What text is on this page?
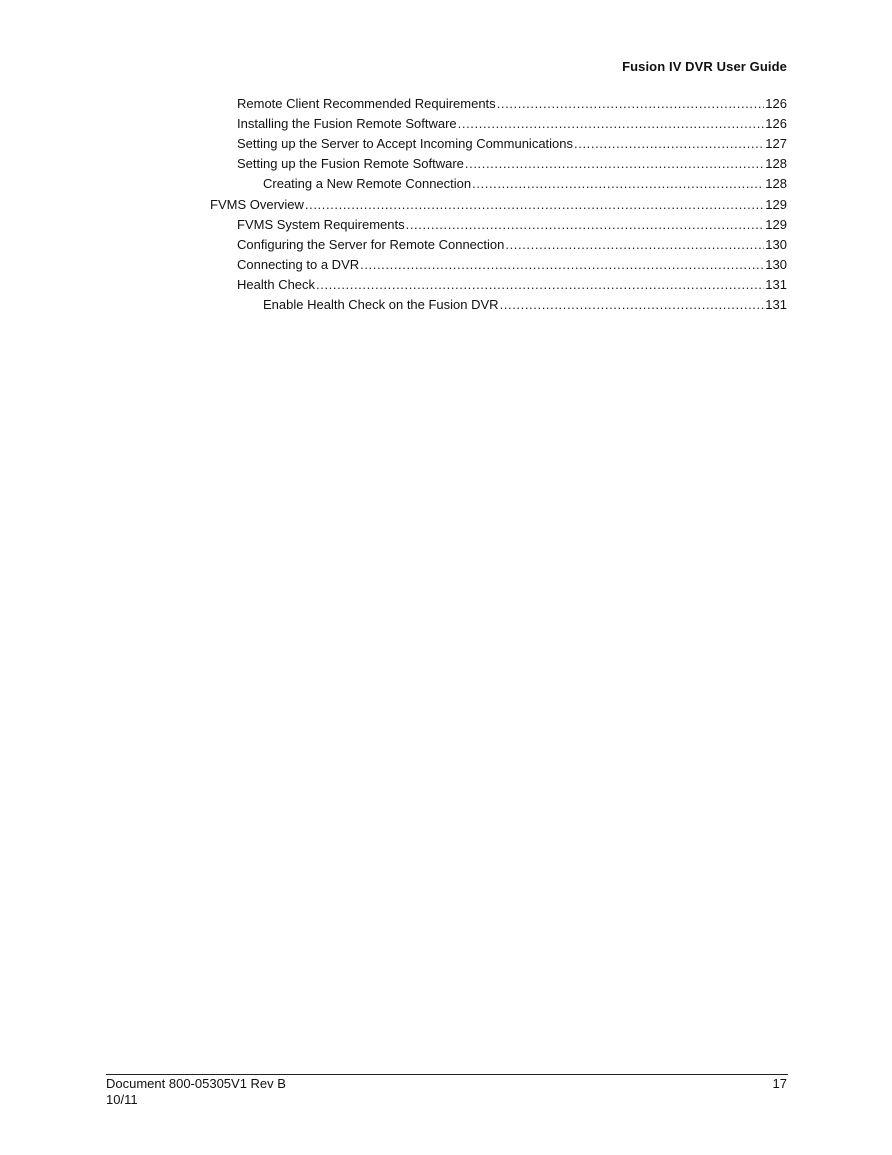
Fusion IV DVR User Guide
Remote Client Recommended Requirements .....	126
Installing the Fusion Remote Software .....	126
Setting up the Server to Accept Incoming Communications .....	127
Setting up the Fusion Remote Software .....	128
Creating a New Remote Connection .....	128
FVMS Overview .....	129
FVMS System Requirements .....	129
Configuring the Server for Remote Connection .....	130
Connecting to a DVR .....	130
Health Check .....	131
Enable Health Check on the Fusion DVR .....	131
Document 800-05305V1 Rev B
10/11
17
